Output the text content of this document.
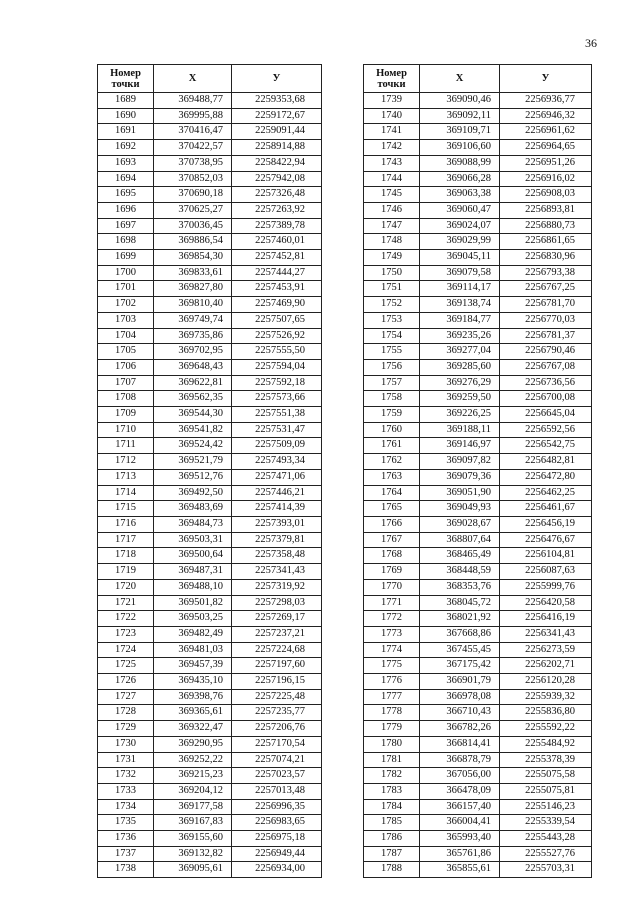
36
Номер
точки	X	У
1689	369488,77	2259353,68
1690	369995,88	2259172,67
1691	370416,47	2259091,44
1692	370422,57	2258914,88
1693	370738,95	2258422,94
1694	370852,03	2257942,08
1695	370690,18	2257326,48
1696	370625,27	2257263,92
1697	370036,45	2257389,78
1698	369886,54	2257460,01
1699	369854,30	2257452,81
1700	369833,61	2257444,27
1701	369827,80	2257453,91
1702	369810,40	2257469,90
1703	369749,74	2257507,65
1704	369735,86	2257526,92
1705	369702,95	2257555,50
1706	369648,43	2257594,04
1707	369622,81	2257592,18
1708	369562,35	2257573,66
1709	369544,30	2257551,38
1710	369541,82	2257531,47
1711	369524,42	2257509,09
1712	369521,79	2257493,34
1713	369512,76	2257471,06
1714	369492,50	2257446,21
1715	369483,69	2257414,39
1716	369484,73	2257393,01
1717	369503,31	2257379,81
1718	369500,64	2257358,48
1719	369487,31	2257341,43
1720	369488,10	2257319,92
1721	369501,82	2257298,03
1722	369503,25	2257269,17
1723	369482,49	2257237,21
1724	369481,03	2257224,68
1725	369457,39	2257197,60
1726	369435,10	2257196,15
1727	369398,76	2257225,48
1728	369365,61	2257235,77
1729	369322,47	2257206,76
1730	369290,95	2257170,54
1731	369252,22	2257074,21
1732	369215,23	2257023,57
1733	369204,12	2257013,48
1734	369177,58	2256996,35
1735	369167,83	2256983,65
1736	369155,60	2256975,18
1737	369132,82	2256949,44
1738	369095,61	2256934,00
Номер
точки	X	У
1739	369090,46	2256936,77
1740	369092,11	2256946,32
1741	369109,71	2256961,62
1742	369106,60	2256964,65
1743	369088,99	2256951,26
1744	369066,28	2256916,02
1745	369063,38	2256908,03
1746	369060,47	2256893,81
1747	369024,07	2256880,73
1748	369029,99	2256861,65
1749	369045,11	2256830,96
1750	369079,58	2256793,38
1751	369114,17	2256767,25
1752	369138,74	2256781,70
1753	369184,77	2256770,03
1754	369235,26	2256781,37
1755	369277,04	2256790,46
1756	369285,60	2256767,08
1757	369276,29	2256736,56
1758	369259,50	2256700,08
1759	369226,25	2256645,04
1760	369188,11	2256592,56
1761	369146,97	2256542,75
1762	369097,82	2256482,81
1763	369079,36	2256472,80
1764	369051,90	2256462,25
1765	369049,93	2256461,67
1766	369028,67	2256456,19
1767	368807,64	2256476,67
1768	368465,49	2256104,81
1769	368448,59	2256087,63
1770	368353,76	2255999,76
1771	368045,72	2256420,58
1772	368021,92	2256416,19
1773	367668,86	2256341,43
1774	367455,45	2256273,59
1775	367175,42	2256202,71
1776	366901,79	2256120,28
1777	366978,08	2255939,32
1778	366710,43	2255836,80
1779	366782,26	2255592,22
1780	366814,41	2255484,92
1781	366878,79	2255378,39
1782	367056,00	2255075,58
1783	366478,09	2255075,81
1784	366157,40	2255146,23
1785	366004,41	2255339,54
1786	365993,40	2255443,28
1787	365761,86	2255527,76
1788	365855,61	2255703,31
